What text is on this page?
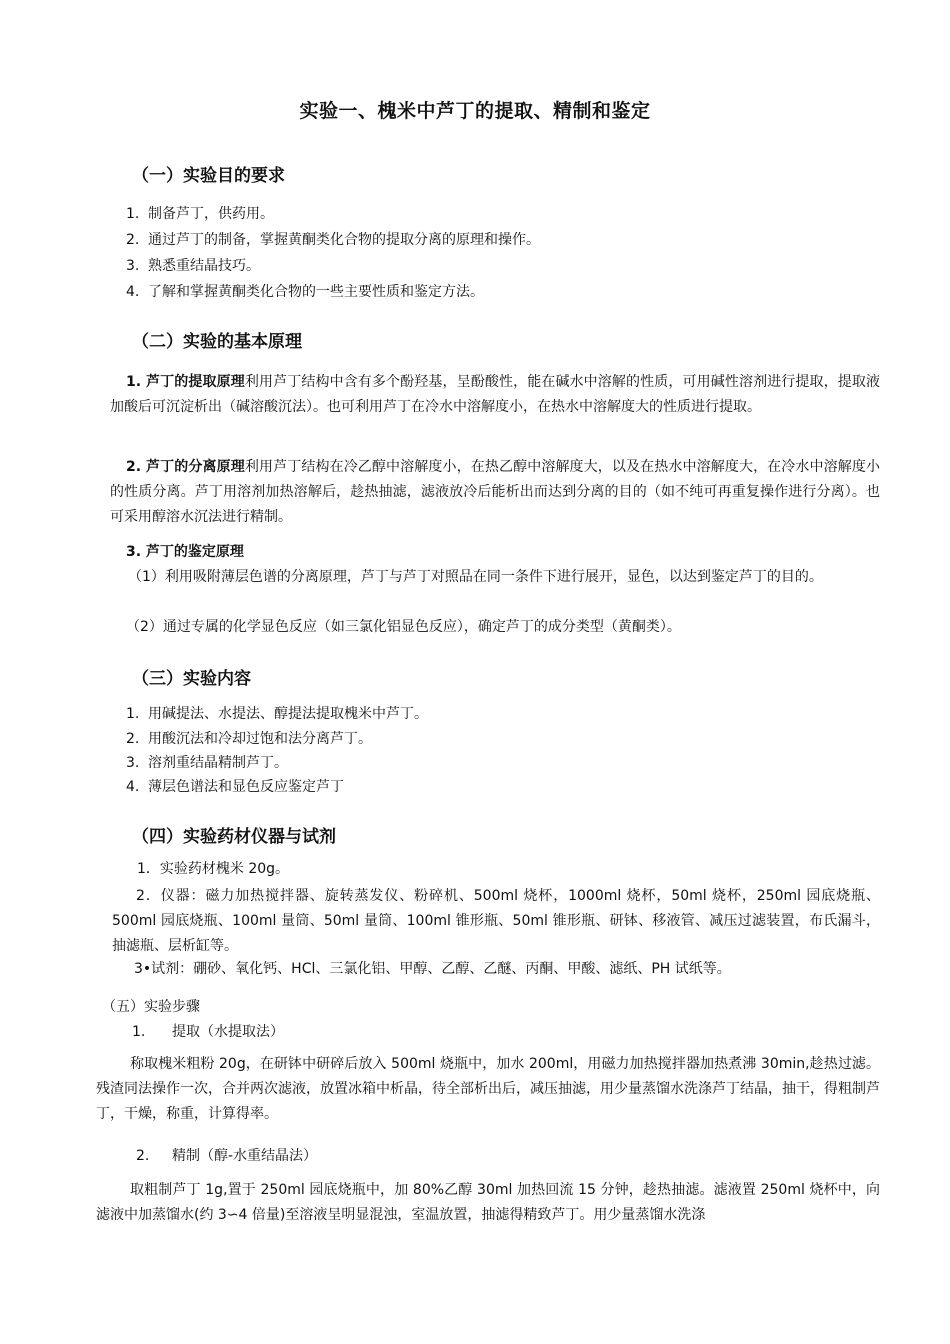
实验一、槐米中芦丁的提取、精制和鉴定
（一）实验目的要求
1. 制备芦丁，供药用。
2. 通过芦丁的制备，掌握黄酮类化合物的提取分离的原理和操作。
3. 熟悉重结晶技巧。
4. 了解和掌握黄酮类化合物的一些主要性质和鉴定方法。
（二）实验的基本原理
1. 芦丁的提取原理利用芦丁结构中含有多个酚羟基，呈酚酸性，能在碱水中溶解的性质，可用碱性溶剂进行提取，提取液加酸后可沉淀析出（碱溶酸沉法）。也可利用芦丁在冷水中溶解度小，在热水中溶解度大的性质进行提取。
2. 芦丁的分离原理利用芦丁结构在冷乙醇中溶解度小，在热乙醇中溶解度大，以及在热水中溶解度大，在冷水中溶解度小的性质分离。芦丁用溶剂加热溶解后，趁热抽滤，滤液放冷后能析出而达到分离的目的（如不纯可再重复操作进行分离）。也可采用醇溶水沉法进行精制。
3. 芦丁的鉴定原理
（1）利用吸附薄层色谱的分离原理，芦丁与芦丁对照品在同一条件下进行展开，显色，以达到鉴定芦丁的目的。
（2）通过专属的化学显色反应（如三氯化铝显色反应），确定芦丁的成分类型（黄酮类）。
（三）实验内容
1. 用碱提法、水提法、醇提法提取槐米中芦丁。
2. 用酸沉法和冷却过饱和法分离芦丁。
3. 溶剂重结晶精制芦丁。
4. 薄层色谱法和显色反应鉴定芦丁
（四）实验药材仪器与试剂
1．实验药材槐米 20g。
2．仪器：磁力加热搅拌器、旋转蒸发仪、粉碎机、500ml 烧杯，1000ml 烧杯，50ml 烧杯，250ml 园底烧瓶、500ml 园底烧瓶、100ml 量筒、50ml 量筒、100ml 锥形瓶、50ml 锥形瓶、研钵、移液管、减压过滤装置，布氏漏斗，抽滤瓶、层析缸等。
3•试剂：硼砂、氧化钙、HCl、三氯化铝、甲醇、乙醇、乙醚、丙酮、甲酸、滤纸、PH 试纸等。
（五）实验步骤
1. 提取（水提取法）
称取槐米粗粉 20g，在研钵中研碎后放入 500ml 烧瓶中，加水 200ml，用磁力加热搅拌器加热煮沸 30min,趁热过滤。残渣同法操作一次，合并两次滤液，放置冰箱中析晶，待全部析出后，减压抽滤，用少量蒸馏水洗涤芦丁结晶，抽干，得粗制芦丁，干燥，称重，计算得率。
2. 精制（醇-水重结晶法）
取粗制芦丁 1g,置于 250ml 园底烧瓶中，加 80%乙醇 30ml 加热回流 15 分钟，趁热抽滤。滤液置 250ml 烧杯中，向滤液中加蒸馏水(约 3∽4 倍量)至溶液呈明显混浊，室温放置，抽滤得精致芦丁。用少量蒸馏水洗涤
